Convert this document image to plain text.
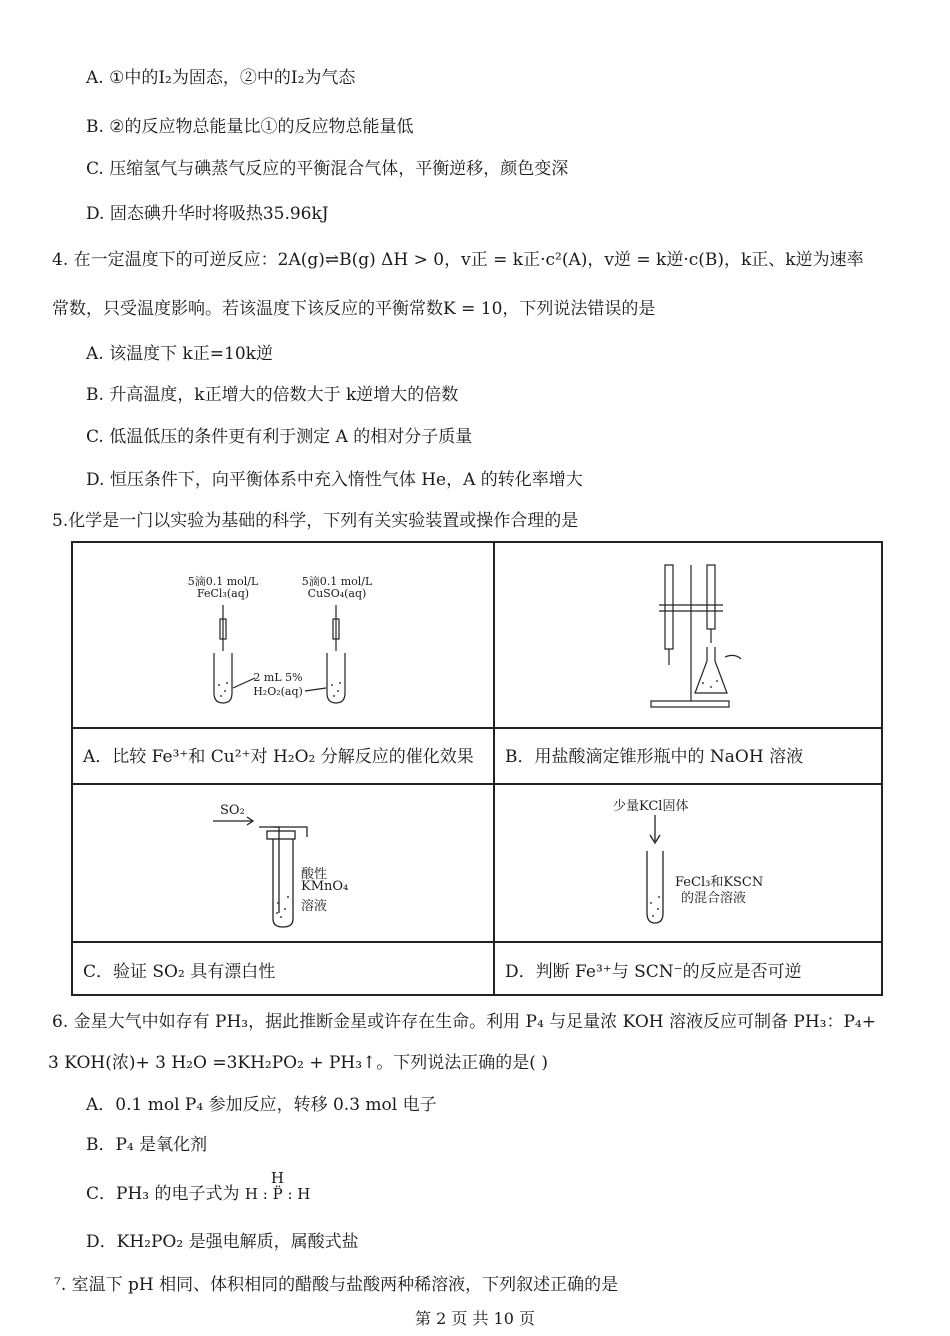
A. ①中的I₂为固态，②中的I₂为气态
B. ②的反应物总能量比①的反应物总能量低
C. 压缩氢气与碘蒸气反应的平衡混合气体，平衡逆移，颜色变深
D. 固态碘升华时将吸热35.96kJ
4. 在一定温度下的可逆反应：2A(g)⇌B(g) ΔH > 0，v正 = k正·c²(A)，v逆 = k逆·c(B)，k正、k逆为速率
常数，只受温度影响。若该温度下该反应的平衡常数K = 10，下列说法错误的是
A. 该温度下 k正=10k逆
B. 升高温度，k正增大的倍数大于 k逆增大的倍数
C. 低温低压的条件更有利于测定 A 的相对分子质量
D. 恒压条件下，向平衡体系中充入惰性气体 He，A 的转化率增大
5.化学是一门以实验为基础的科学，下列有关实验装置或操作合理的是
5滴0.1 mol/L
FeCl₃(aq)
5滴0.1 mol/L
CuSO₄(aq)
2 mL 5%
H₂O₂(aq)
A．比较 Fe³⁺和 Cu²⁺对 H₂O₂ 分解反应的催化效果 B．用盐酸滴定锥形瓶中的 NaOH 溶液
SO₂
酸性
KMnO₄
溶液
少量KCl固体
FeCl₃和KSCN
的混合溶液
C．验证 SO₂ 具有漂白性	D．判断 Fe³⁺与 SCN⁻的反应是否可逆
6. 金星大气中如存有 PH₃，据此推断金星或许存在生命。利用 P₄ 与足量浓 KOH 溶液反应可制备 PH₃：P₄+
3 KOH(浓)+ 3 H₂O =3KH₂PO₂ + PH₃↑。下列说法正确的是( )
A．0.1 mol P₄ 参加反应，转移 0.3 mol 电子
B．P₄ 是氧化剂
C．PH₃ 的电子式为
H
H : P̈ : H
D．KH₂PO₂ 是强电解质，属酸式盐
⁷. 室温下 pH 相同、体积相同的醋酸与盐酸两种稀溶液，下列叙述正确的是
第 2 页 共 10 页
